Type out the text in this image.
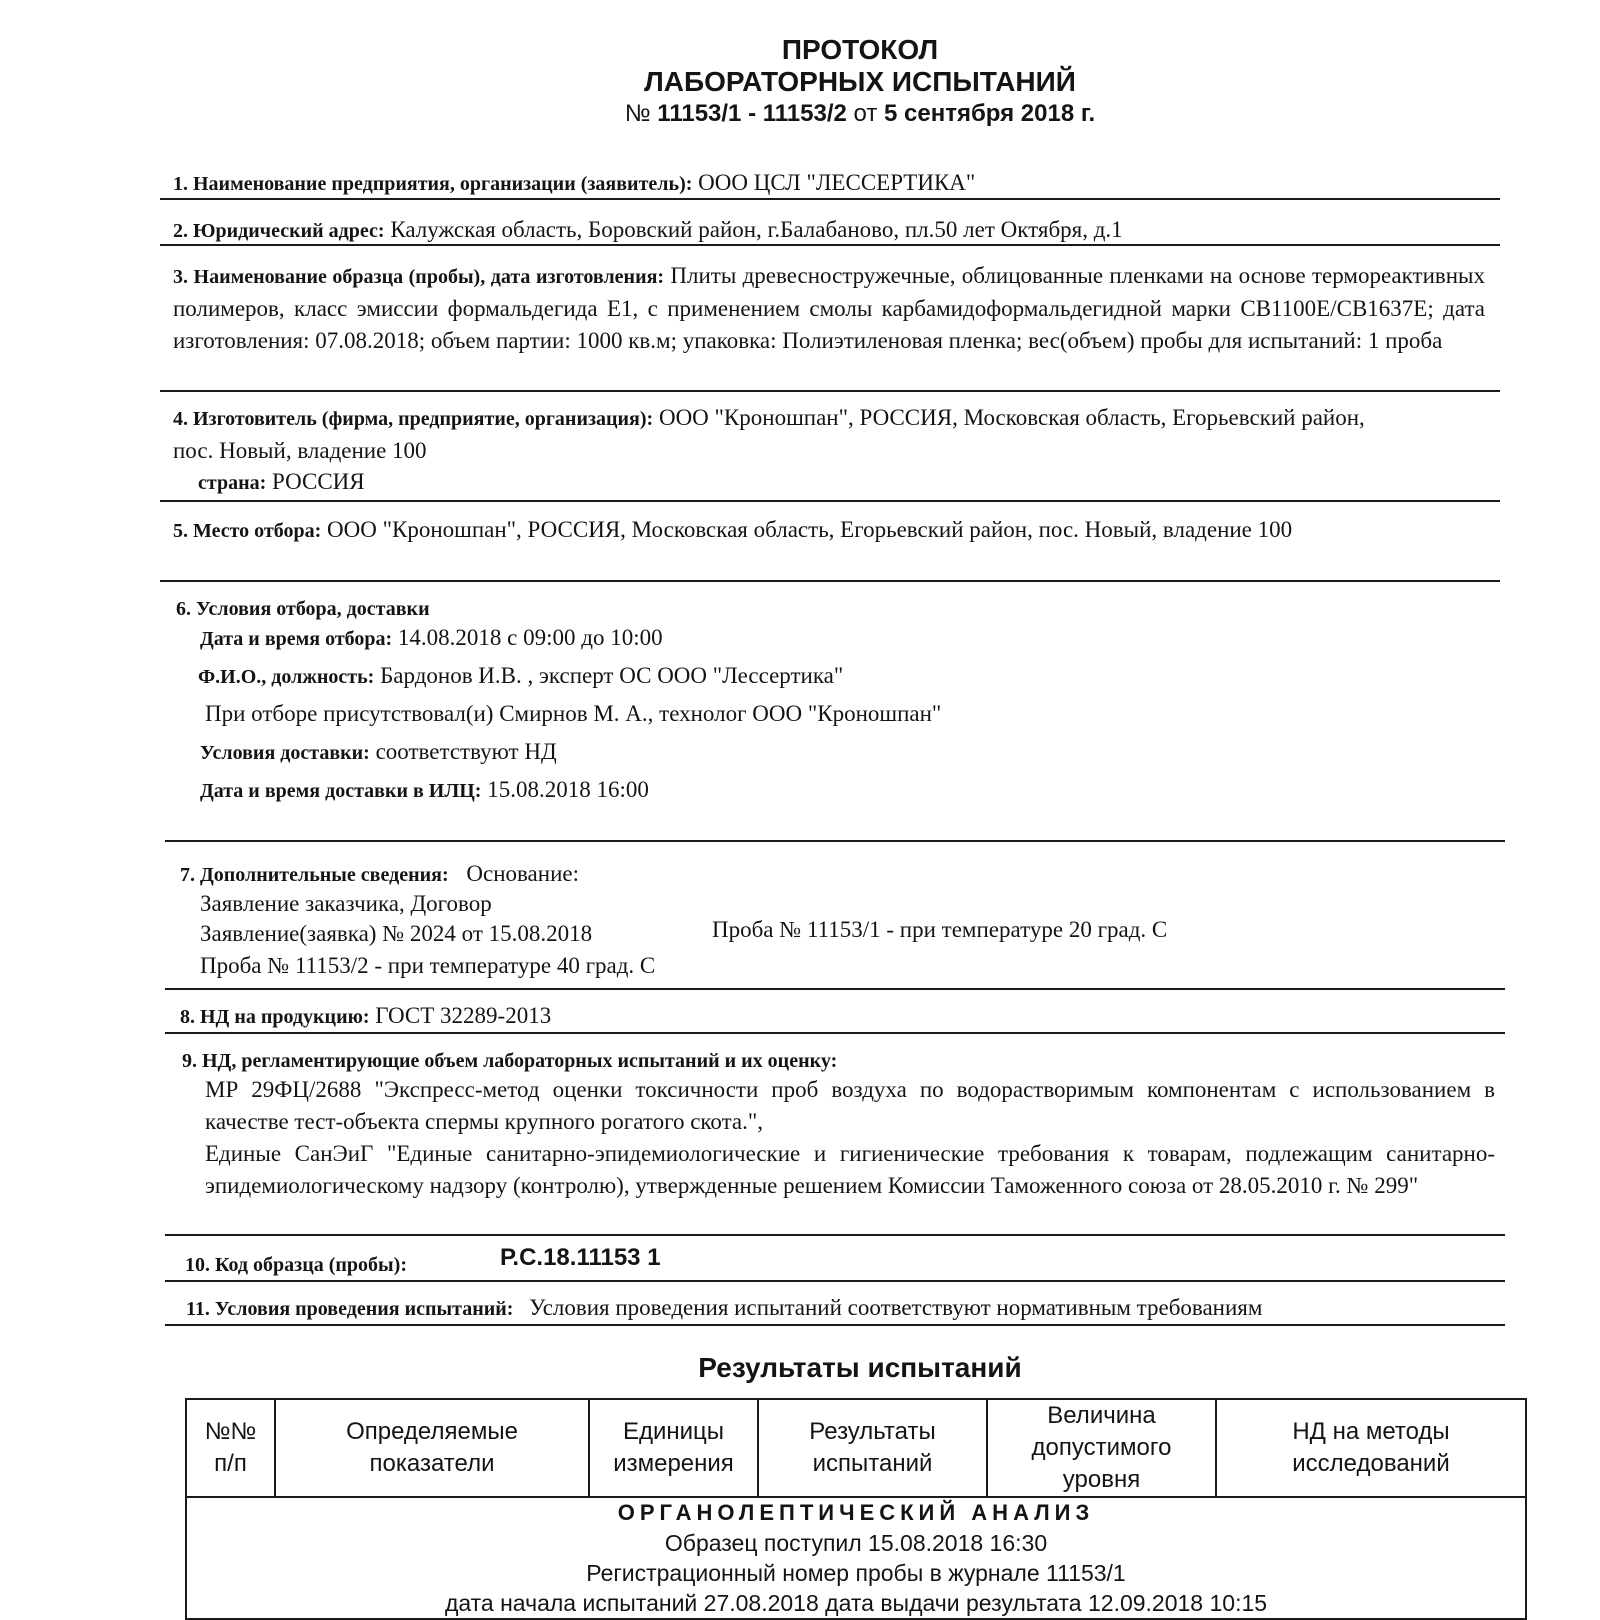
ПРОТОКОЛ
ЛАБОРАТОРНЫХ ИСПЫТАНИЙ
№ 11153/1 - 11153/2 от 5 сентября 2018 г.
1. Наименование предприятия, организации (заявитель): ООО ЦСЛ "ЛЕССЕРТИКА"
2. Юридический адрес: Калужская область, Боровский район, г.Балабаново, пл.50 лет Октября, д.1
3. Наименование образца (пробы), дата изготовления: Плиты древесностружечные, облицованные пленками на основе термореактивных полимеров, класс эмиссии формальдегида Е1, с применением смолы карбамидоформальдегидной марки СВ1100Е/СВ1637Е; дата изготовления: 07.08.2018; объем партии: 1000 кв.м; упаковка: Полиэтиленовая пленка; вес(объем) пробы для испытаний: 1 проба
4. Изготовитель (фирма, предприятие, организация): ООО "Кроношпан", РОССИЯ, Московская область, Егорьевский район, пос. Новый, владение 100
страна: РОССИЯ
5. Место отбора: ООО "Кроношпан", РОССИЯ, Московская область, Егорьевский район, пос. Новый, владение 100
6. Условия отбора, доставки
Дата и время отбора: 14.08.2018 с 09:00 до 10:00
Ф.И.О., должность: Бардонов И.В. , эксперт ОС ООО "Лессертика"
При отборе присутствовал(и) Смирнов М. А., технолог ООО "Кроношпан"
Условия доставки: соответствуют НД
Дата и время доставки в ИЛЦ: 15.08.2018 16:00
7. Дополнительные сведения: Основание:
Заявление заказчика, Договор
Заявление(заявка) № 2024 от 15.08.2018	Проба № 11153/1 - при температуре 20 град. С
Проба № 11153/2 - при температуре 40 град. С
8. НД на продукцию: ГОСТ 32289-2013
9. НД, регламентирующие объем лабораторных испытаний и их оценку:
МР 29ФЦ/2688 "Экспресс-метод оценки токсичности проб воздуха по водорастворимым компонентам с использованием в качестве тест-объекта спермы крупного рогатого скота.",
Единые СанЭиГ "Единые санитарно-эпидемиологические и гигиенические требования к товарам, подлежащим санитарно-эпидемиологическому надзору (контролю), утвержденные решением Комиссии Таможенного союза от 28.05.2010 г. № 299"
10. Код образца (пробы):	Р.С.18.11153 1
11. Условия проведения испытаний: Условия проведения испытаний соответствуют нормативным требованиям
Результаты испытаний
№№ п/п	Определяемые показатели	Единицы измерения	Результаты испытаний	Величина допустимого уровня	НД на методы исследований

ОРГАНОЛЕПТИЧЕСКИЙ АНАЛИЗ
Образец поступил 15.08.2018 16:30
Регистрационный номер пробы в журнале 11153/1
дата начала испытаний 27.08.2018 дата выдачи результата 12.09.2018 10:15
